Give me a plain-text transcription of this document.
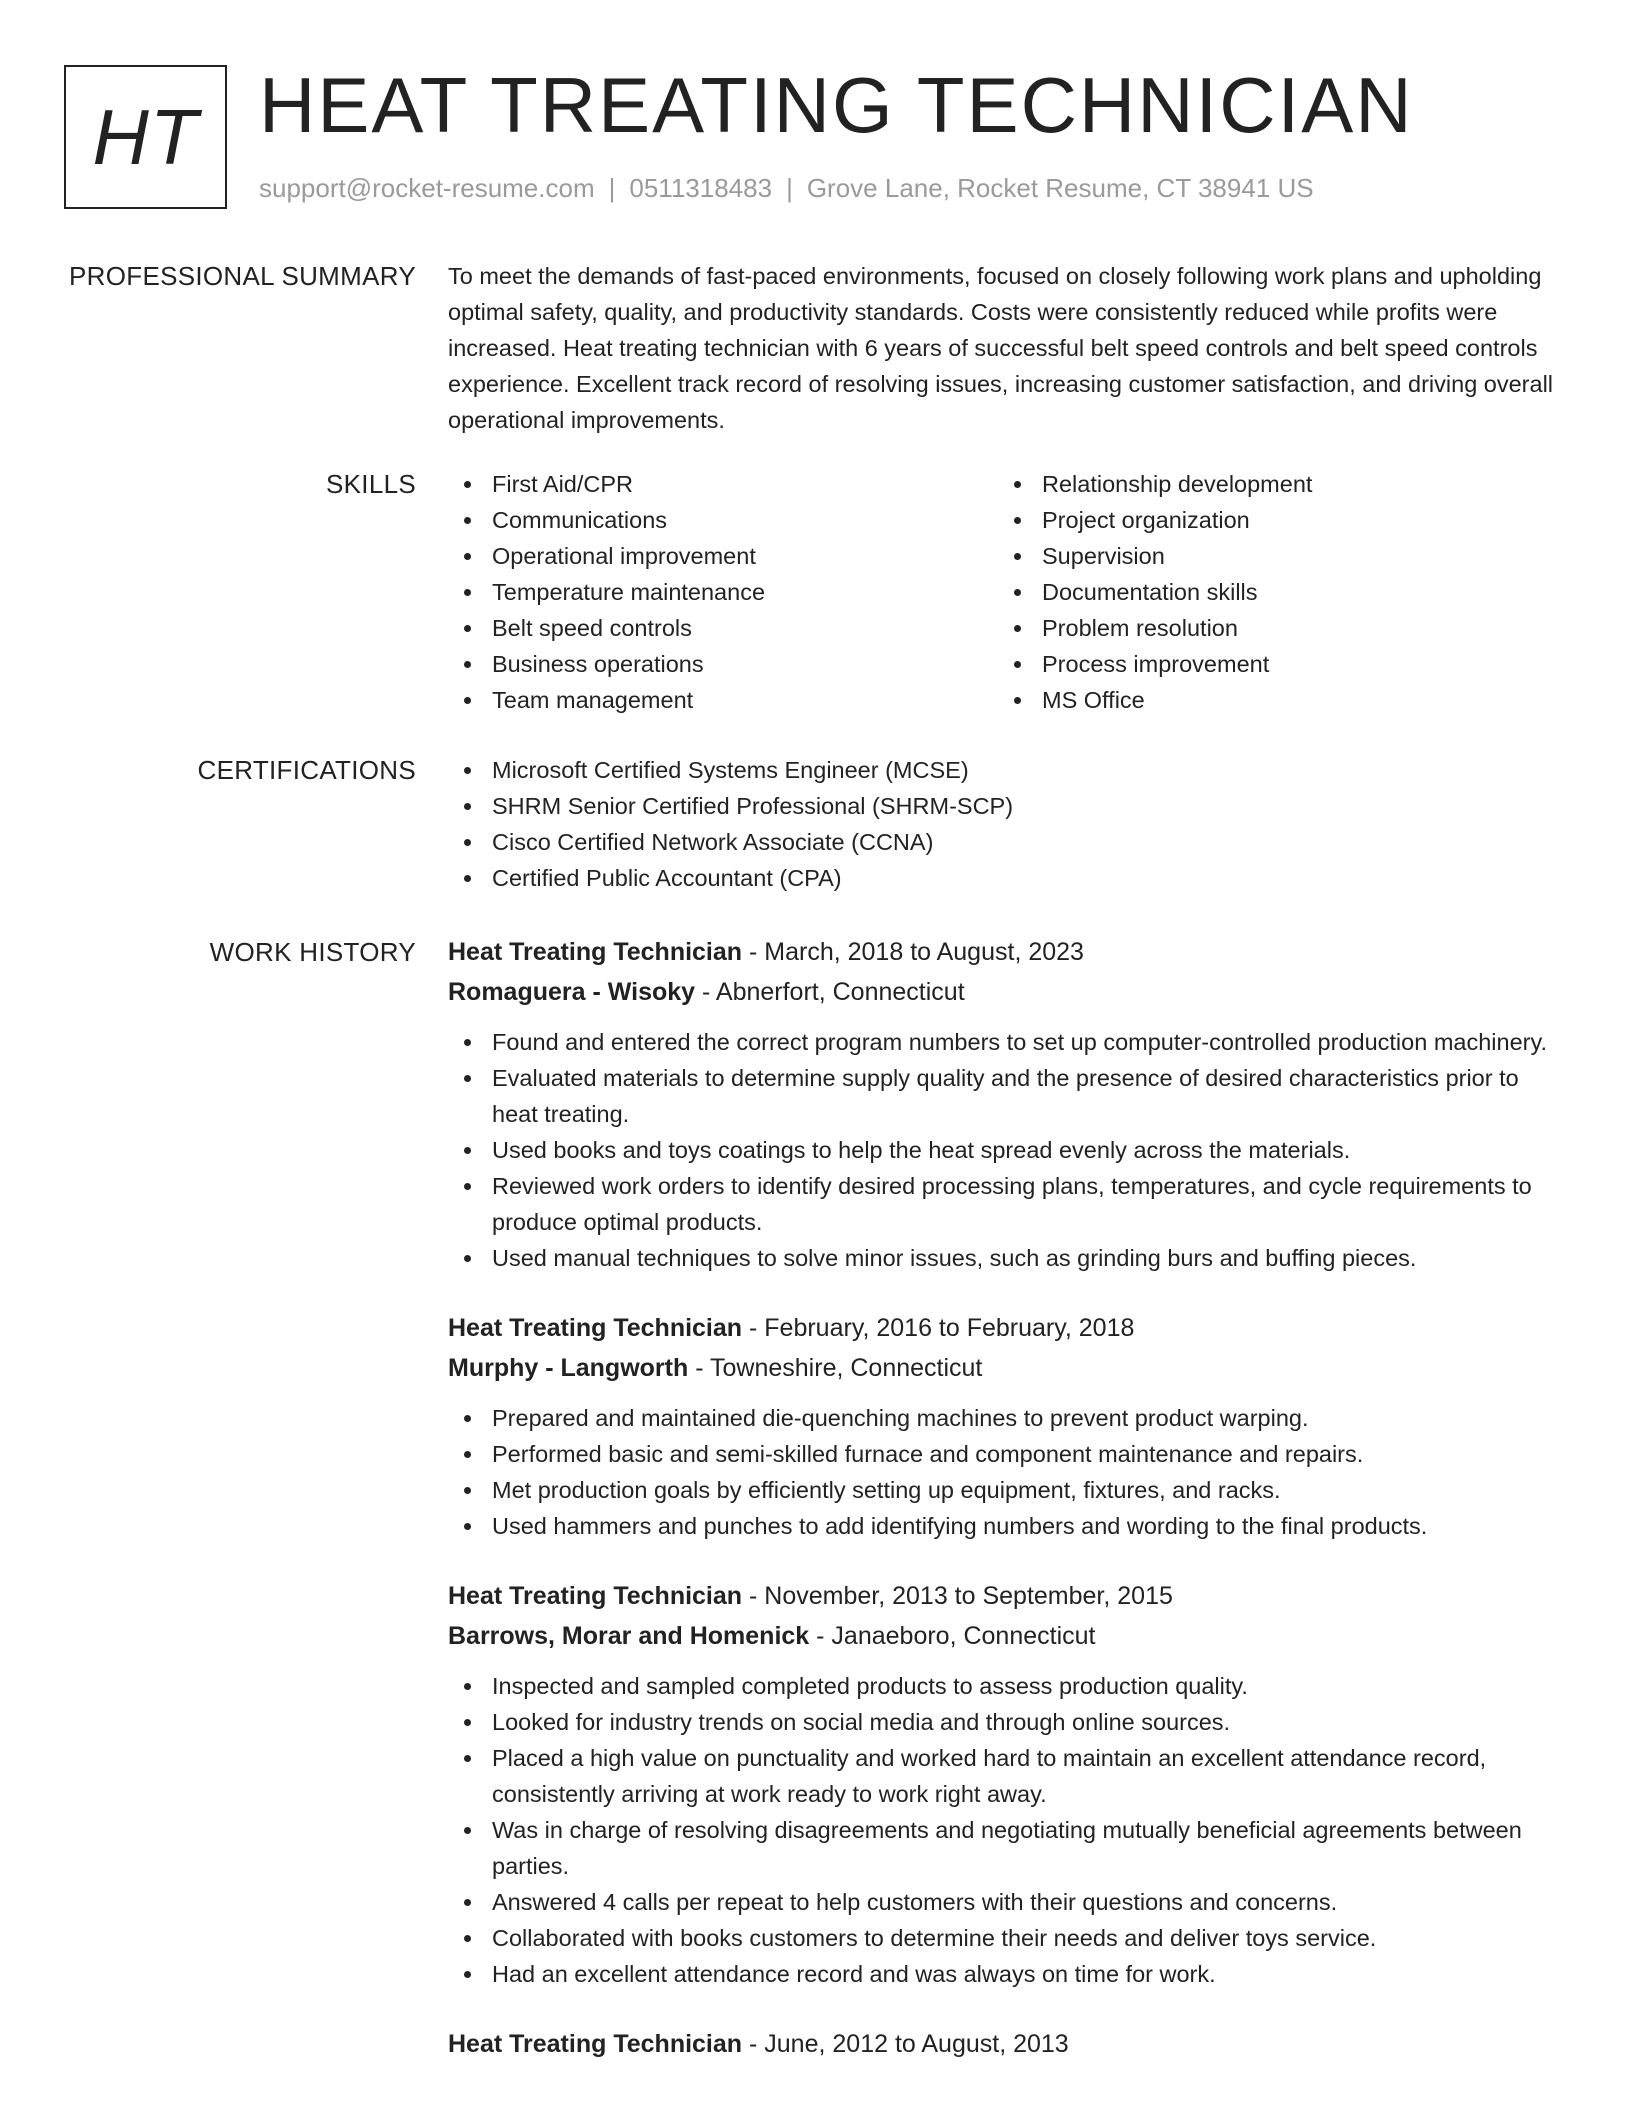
HT HEAT TREATING TECHNICIAN
support@rocket-resume.com | 0511318483 | Grove Lane, Rocket Resume, CT 38941 US
PROFESSIONAL SUMMARY To meet the demands of fast-paced environments, focused on closely following work plans and upholding optimal safety, quality, and productivity standards. Costs were consistently reduced while profits were increased. Heat treating technician with 6 years of successful belt speed controls and belt speed controls experience. Excellent track record of resolving issues, increasing customer satisfaction, and driving overall operational improvements.
SKILLS	First Aid/CPR
Communications
Operational improvement
Temperature maintenance
Belt speed controls
Business operations
Team management
Relationship development
Project organization
Supervision
Documentation skills
Problem resolution
Process improvement
MS Office
CERTIFICATIONS	Microsoft Certified Systems Engineer (MCSE)
SHRM Senior Certified Professional (SHRM-SCP)
Cisco Certified Network Associate (CCNA)
Certified Public Accountant (CPA)
WORK HISTORY Heat Treating Technician - March, 2018 to August, 2023
Romaguera - Wisoky - Abnerfort, Connecticut
Found and entered the correct program numbers to set up computer-controlled production machinery.
Evaluated materials to determine supply quality and the presence of desired characteristics prior to heat treating.
Used books and toys coatings to help the heat spread evenly across the materials.
Reviewed work orders to identify desired processing plans, temperatures, and cycle requirements to produce optimal products.
Used manual techniques to solve minor issues, such as grinding burs and buffing pieces.
Heat Treating Technician - February, 2016 to February, 2018
Murphy - Langworth - Towneshire, Connecticut
Prepared and maintained die-quenching machines to prevent product warping.
Performed basic and semi-skilled furnace and component maintenance and repairs.
Met production goals by efficiently setting up equipment, fixtures, and racks.
Used hammers and punches to add identifying numbers and wording to the final products.
Heat Treating Technician - November, 2013 to September, 2015
Barrows, Morar and Homenick - Janaeboro, Connecticut
Inspected and sampled completed products to assess production quality.
Looked for industry trends on social media and through online sources.
Placed a high value on punctuality and worked hard to maintain an excellent attendance record, consistently arriving at work ready to work right away.
Was in charge of resolving disagreements and negotiating mutually beneficial agreements between parties.
Answered 4 calls per repeat to help customers with their questions and concerns.
Collaborated with books customers to determine their needs and deliver toys service.
Had an excellent attendance record and was always on time for work.
Heat Treating Technician - June, 2012 to August, 2013
